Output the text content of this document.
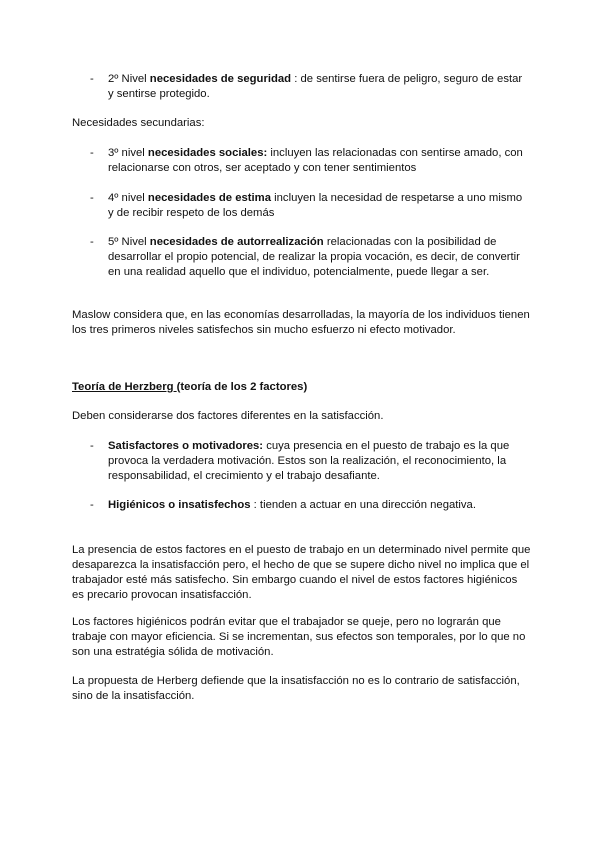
- 2º Nivel necesidades de seguridad : de sentirse fuera de peligro, seguro de estar y sentirse protegido.

Necesidades secundarias:

- 3º nivel necesidades sociales: incluyen las relacionadas con sentirse amado, con relacionarse con otros, ser aceptado y con tener sentimientos

- 4º nivel necesidades de estima incluyen la necesidad de respetarse a uno mismo y de recibir respeto de los demás

- 5º Nivel necesidades de autorrealización relacionadas con la posibilidad de desarrollar el propio potencial, de realizar la propia vocación, es decir, de convertir en una realidad aquello que el individuo, potencialmente, puede llegar a ser.

Maslow considera que, en las economías desarrolladas, la mayoría de los individuos tienen los tres primeros niveles satisfechos sin mucho esfuerzo ni efecto motivador.

Teoría de Herzberg (teoría de los 2 factores)

Deben considerarse dos factores diferentes en la satisfacción.

- Satisfactores o motivadores: cuya presencia en el puesto de trabajo es la que provoca la verdadera motivación. Estos son la realización, el reconocimiento, la responsabilidad, el crecimiento y el trabajo desafiante.

- Higiénicos o insatisfechos : tienden a actuar en una dirección negativa.

La presencia de estos factores en el puesto de trabajo en un determinado nivel permite que desaparezca la insatisfacción pero, el hecho de que se supere dicho nivel no implica que el trabajador esté más satisfecho. Sin embargo cuando el nivel de estos factores higiénicos es precario provocan insatisfacción.

Los factores higiénicos podrán evitar que el trabajador se queje, pero no lograrán que trabaje con mayor eficiencia. Si se incrementan, sus efectos son temporales, por lo que no son una estratégia sólida de motivación.

La propuesta de Herberg defiende que la insatisfacción no es lo contrario de satisfacción, sino de la insatisfacción.
